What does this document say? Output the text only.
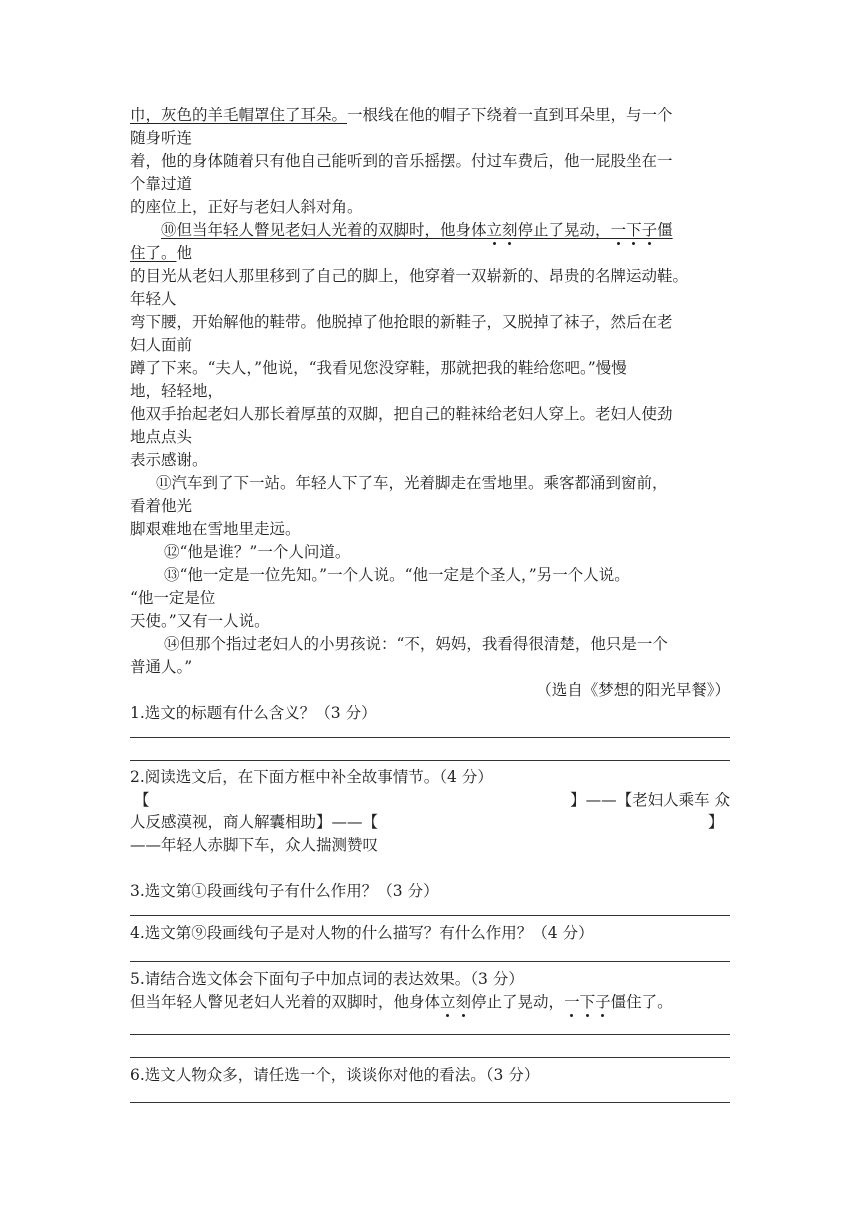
巾，灰色的羊毛帽罩住了耳朵。一根线在他的帽子下绕着一直到耳朵里，与一个
随身听连
着，他的身体随着只有他自己能听到的音乐摇摆。付过车费后，他一屁股坐在一
个靠过道
的座位上，正好与老妇人斜对角。
⑩但当年轻人瞥见老妇人光着的双脚时，他身体立刻停止了晃动，一下子僵
住了。他
的目光从老妇人那里移到了自己的脚上，他穿着一双崭新的、昂贵的名牌运动鞋。
年轻人
弯下腰，开始解他的鞋带。他脱掉了他抢眼的新鞋子，又脱掉了袜子，然后在老
妇人面前
蹲了下来。“夫人，”他说，“我看见您没穿鞋，那就把我的鞋给您吧。”慢慢
地，轻轻地，
他双手抬起老妇人那长着厚茧的双脚，把自己的鞋袜给老妇人穿上。老妇人使劲
地点点头
表示感谢。
⑪汽车到了下一站。年轻人下了车，光着脚走在雪地里。乘客都涌到窗前，
看着他光
脚艰难地在雪地里走远。
⑫“他是谁？”一个人问道。
⑬“他一定是一位先知。”一个人说。“他一定是个圣人，”另一个人说。
“他一定是位
天使。”又有一人说。
⑭但那个指过老妇人的小男孩说：“不，妈妈，我看得很清楚，他只是一个
普通人。”
（选自《梦想的阳光早餐》）
1.选文的标题有什么含义？（3 分）
2.阅读选文后，在下面方框中补全故事情节。（4 分）
【	】——【老妇人乘车 众
人反感漠视，商人解囊相助】——【	】
——年轻人赤脚下车，众人揣测赞叹
3.选文第①段画线句子有什么作用？（3 分）
4.选文第⑨段画线句子是对人物的什么描写？有什么作用？（4 分）
5.请结合选文体会下面句子中加点词的表达效果。（3 分）
但当年轻人瞥见老妇人光着的双脚时，他身体立刻停止了晃动，一下子僵住了。
6.选文人物众多，请任选一个，谈谈你对他的看法。（3 分）
